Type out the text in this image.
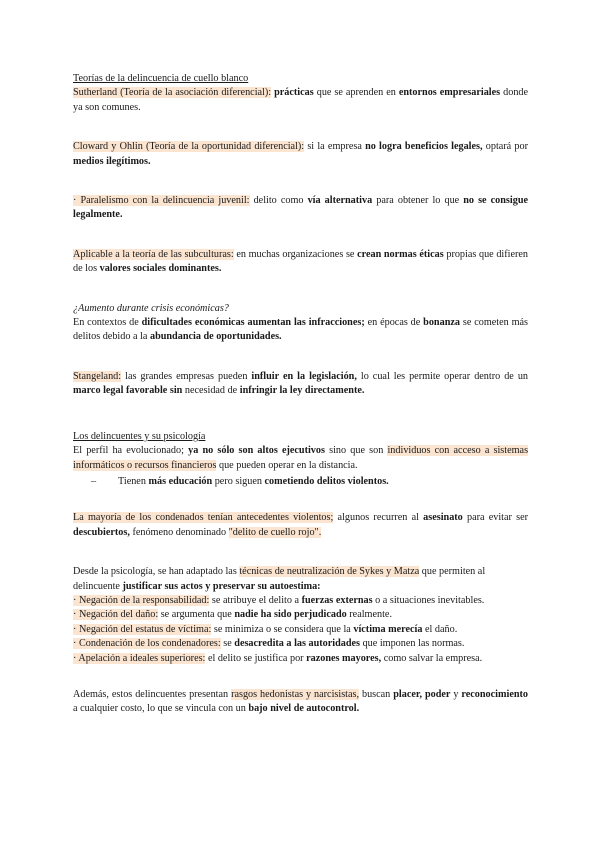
Teorías de la delincuencia de cuello blanco

Sutherland (Teoría de la asociación diferencial): prácticas que se aprenden en entornos empresariales donde ya son comunes.

Cloward y Ohlin (Teoría de la oportunidad diferencial): si la empresa no logra beneficios legales, optará por medios ilegítimos.

· Paralelismo con la delincuencia juvenil: delito como vía alternativa para obtener lo que no se consigue legalmente.

Aplicable a la teoría de las subculturas: en muchas organizaciones se crean normas éticas propias que difieren de los valores sociales dominantes.

¿Aumento durante crisis económicas?

En contextos de dificultades económicas aumentan las infracciones; en épocas de bonanza se cometen más delitos debido a la abundancia de oportunidades.

Stangeland: las grandes empresas pueden influir en la legislación, lo cual les permite operar dentro de un marco legal favorable sin necesidad de infringir la ley directamente.

Los delincuentes y su psicología

El perfil ha evolucionado; ya no sólo son altos ejecutivos sino que son individuos con acceso a sistemas informáticos o recursos financieros que pueden operar en la distancia.

– Tienen más educación pero siguen cometiendo delitos violentos.

La mayoría de los condenados tenían antecedentes violentos; algunos recurren al asesinato para evitar ser descubiertos, fenómeno denominado "delito de cuello rojo".

Desde la psicología, se han adaptado las técnicas de neutralización de Sykes y Matza que permiten al delincuente justificar sus actos y preservar su autoestima:

· Negación de la responsabilidad: se atribuye el delito a fuerzas externas o a situaciones inevitables.

· Negación del daño: se argumenta que nadie ha sido perjudicado realmente.

· Negación del estatus de víctima: se minimiza o se considera que la víctima merecía el daño.

· Condenación de los condenadores: se desacredita a las autoridades que imponen las normas.

· Apelación a ideales superiores: el delito se justifica por razones mayores, como salvar la empresa.

Además, estos delincuentes presentan rasgos hedonistas y narcisistas, buscan placer, poder y reconocimiento a cualquier costo, lo que se vincula con un bajo nivel de autocontrol.
